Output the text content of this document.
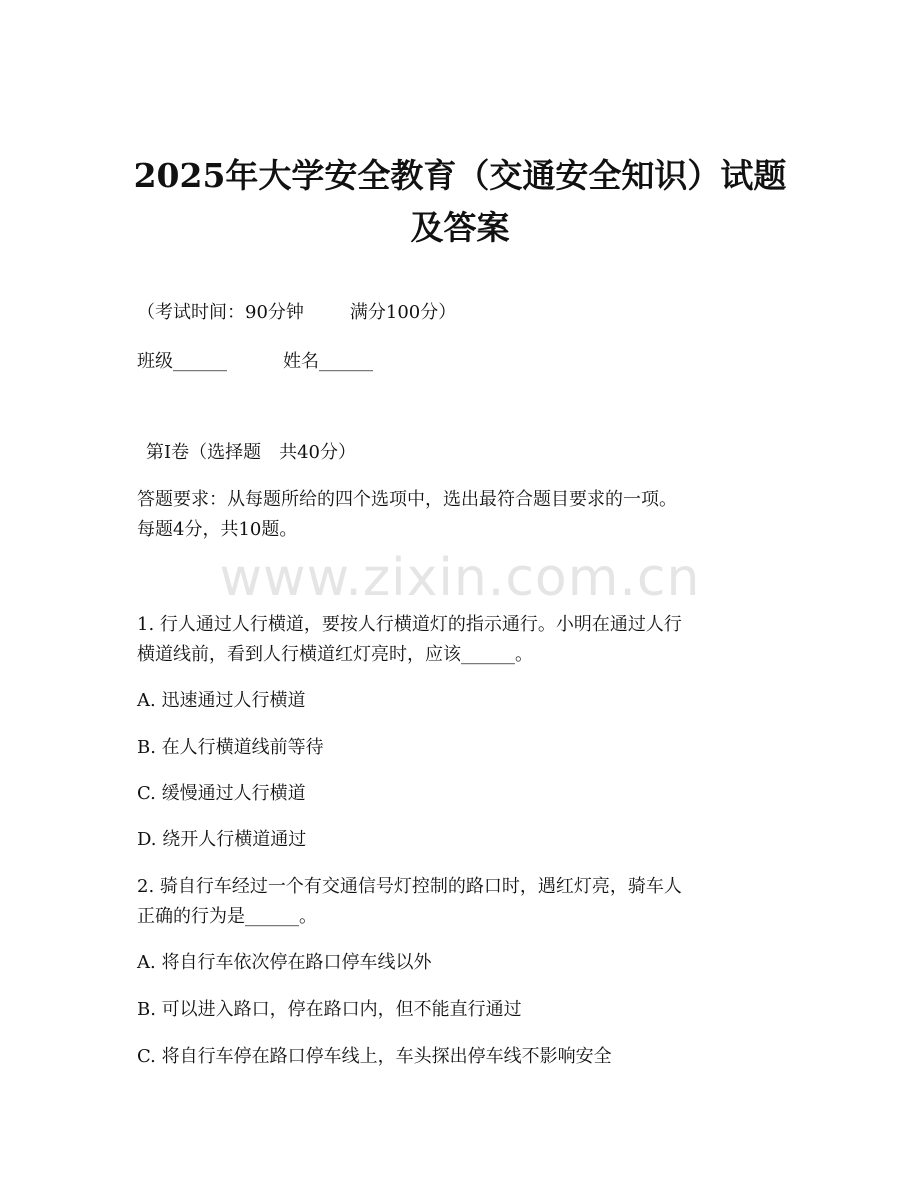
2025年大学安全教育（交通安全知识）试题
及答案
（考试时间：90分钟	满分100分）
班级______	姓名______
第Ⅰ卷（选择题　共40分）
答题要求：从每题所给的四个选项中，选出最符合题目要求的一项。
每题4分，共10题。
www.zixin.com.cn
1. 行人通过人行横道，要按人行横道灯的指示通行。小明在通过人行
横道线前，看到人行横道红灯亮时，应该______。
A. 迅速通过人行横道
B. 在人行横道线前等待
C. 缓慢通过人行横道
D. 绕开人行横道通过
2. 骑自行车经过一个有交通信号灯控制的路口时，遇红灯亮，骑车人
正确的行为是______。
A. 将自行车依次停在路口停车线以外
B. 可以进入路口，停在路口内，但不能直行通过
C. 将自行车停在路口停车线上，车头探出停车线不影响安全
